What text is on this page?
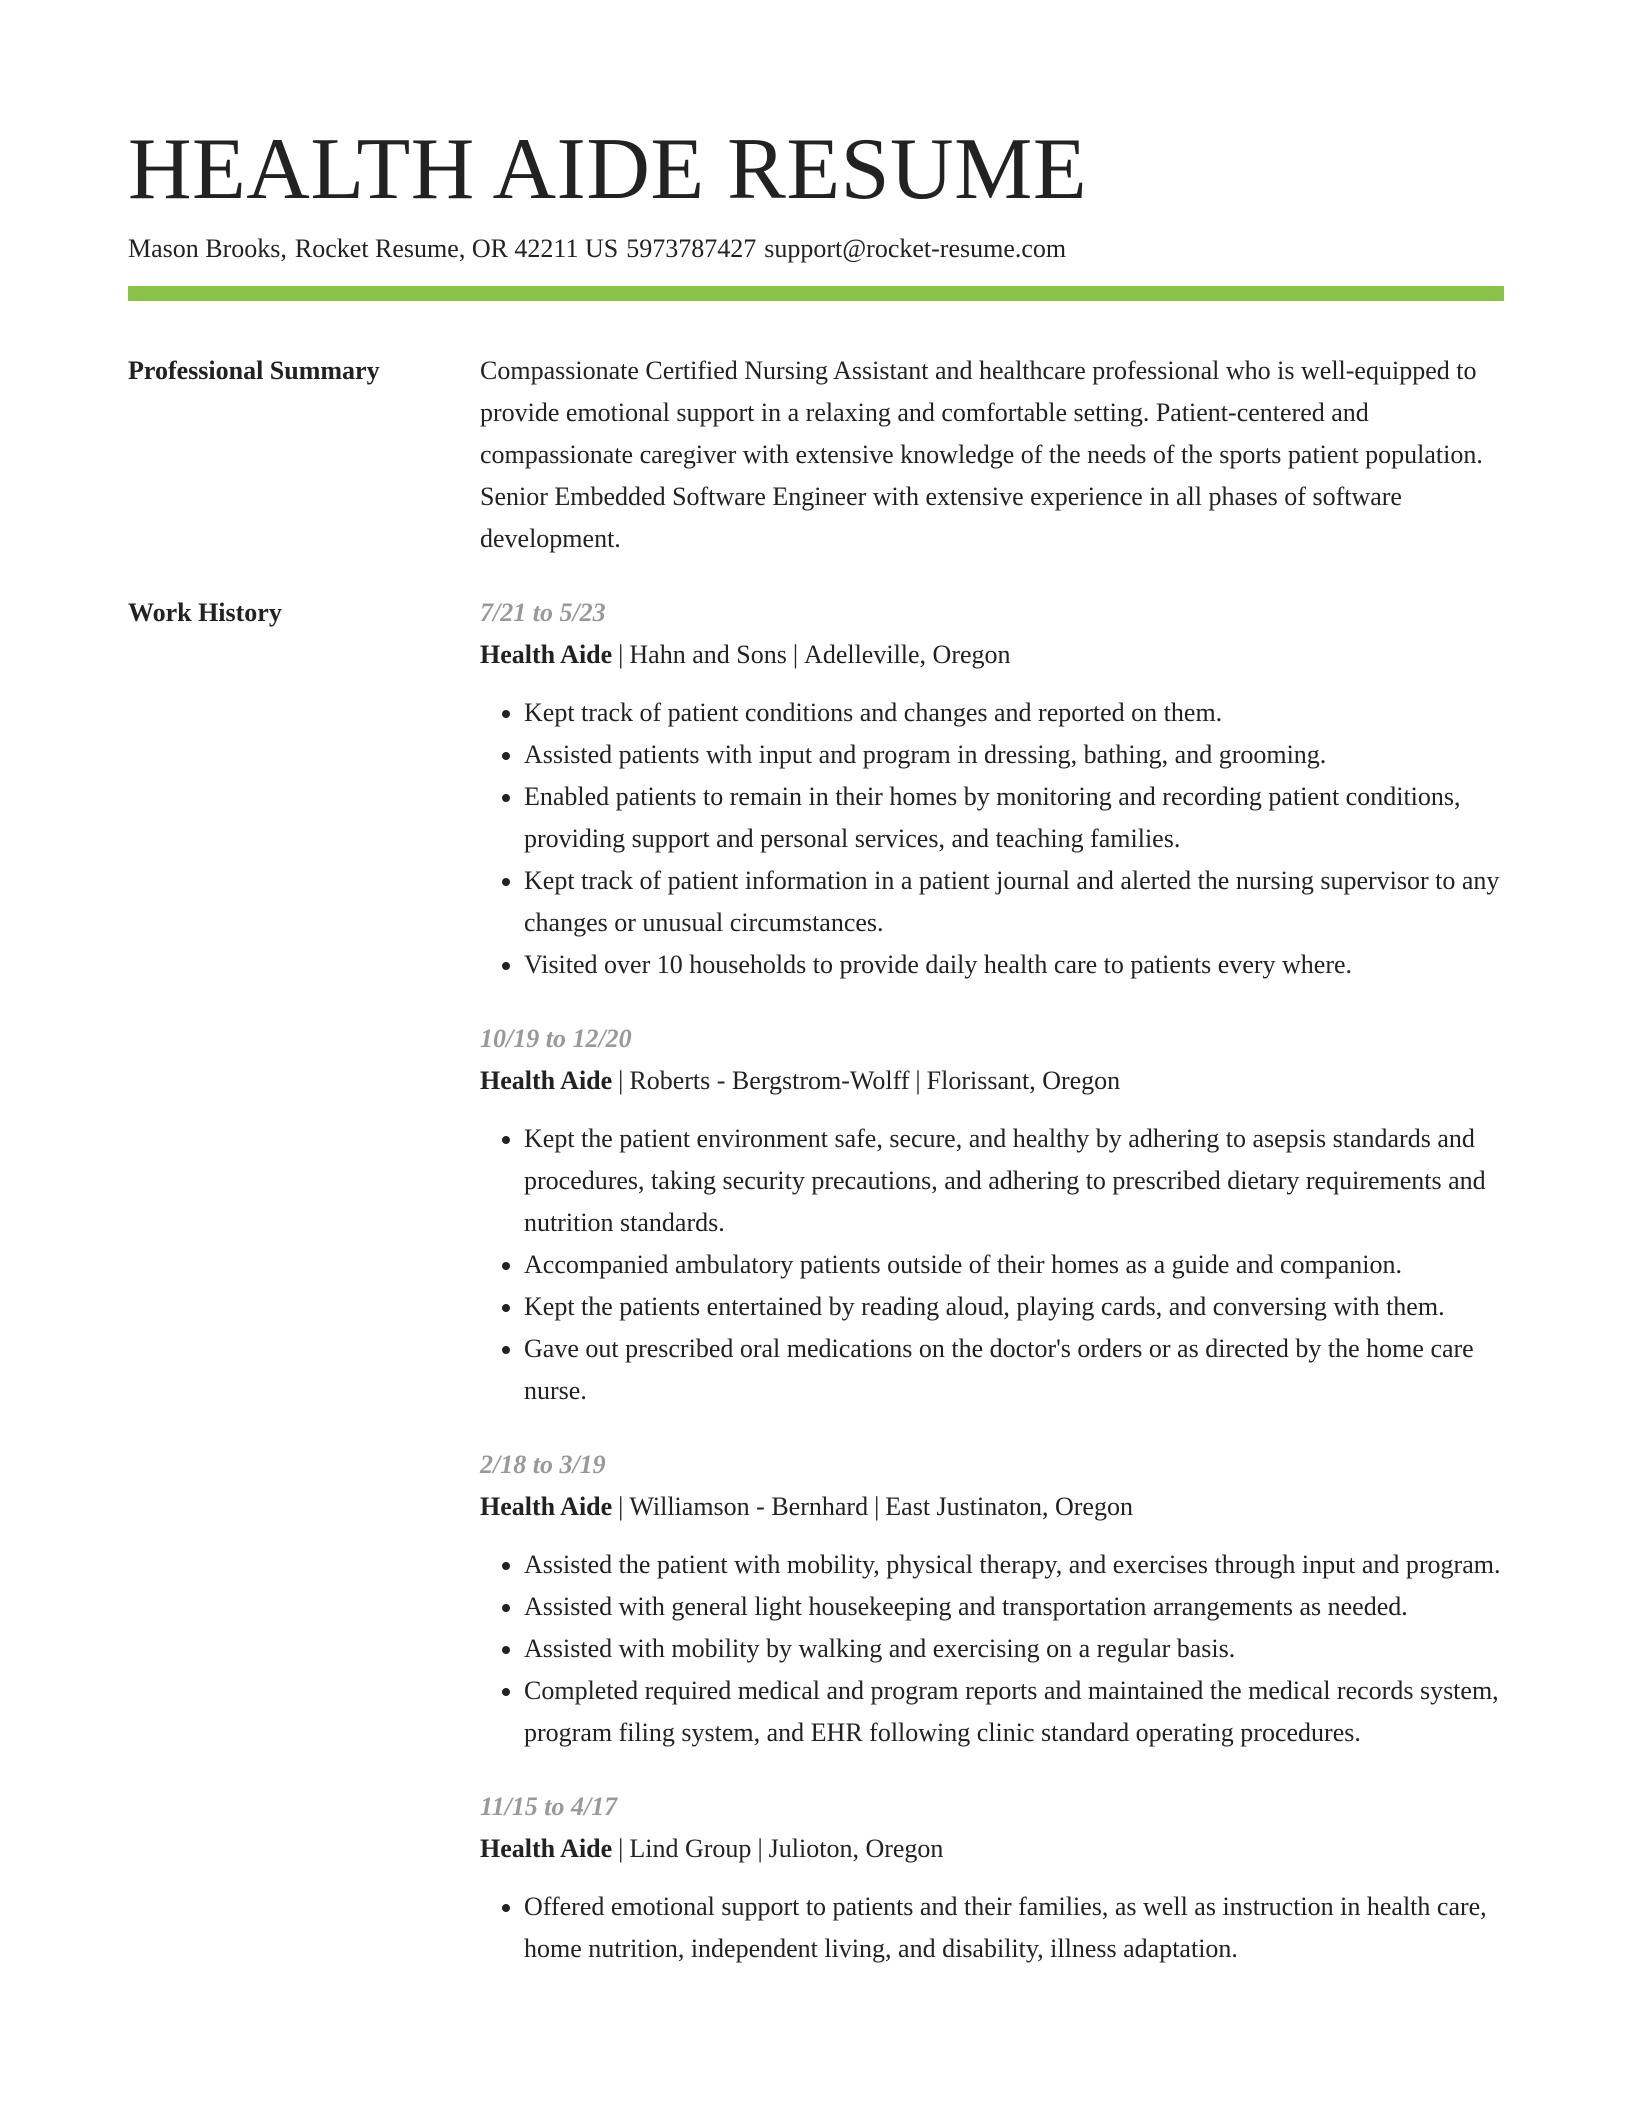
HEALTH AIDE RESUME
Mason Brooks, Rocket Resume, OR 42211 US 5973787427 support@rocket-resume.com
Professional Summary	Compassionate Certified Nursing Assistant and healthcare professional who is well-equipped to provide emotional support in a relaxing and comfortable setting. Patient-centered and compassionate caregiver with extensive knowledge of the needs of the sports patient population. Senior Embedded Software Engineer with extensive experience in all phases of software development.

Work History	7/21 to 5/23
Health Aide | Hahn and Sons | Adelleville, Oregon
• Kept track of patient conditions and changes and reported on them.
• Assisted patients with input and program in dressing, bathing, and grooming.
• Enabled patients to remain in their homes by monitoring and recording patient conditions, providing support and personal services, and teaching families.
• Kept track of patient information in a patient journal and alerted the nursing supervisor to any changes or unusual circumstances.
• Visited over 10 households to provide daily health care to patients every where.
10/19 to 12/20
Health Aide | Roberts - Bergstrom-Wolff | Florissant, Oregon
• Kept the patient environment safe, secure, and healthy by adhering to asepsis standards and procedures, taking security precautions, and adhering to prescribed dietary requirements and nutrition standards.
• Accompanied ambulatory patients outside of their homes as a guide and companion.
• Kept the patients entertained by reading aloud, playing cards, and conversing with them.
• Gave out prescribed oral medications on the doctor's orders or as directed by the home care nurse.
2/18 to 3/19
Health Aide | Williamson - Bernhard | East Justinaton, Oregon
• Assisted the patient with mobility, physical therapy, and exercises through input and program.
• Assisted with general light housekeeping and transportation arrangements as needed.
• Assisted with mobility by walking and exercising on a regular basis.
• Completed required medical and program reports and maintained the medical records system, program filing system, and EHR following clinic standard operating procedures.
11/15 to 4/17
Health Aide | Lind Group | Julioton, Oregon
• Offered emotional support to patients and their families, as well as instruction in health care, home nutrition, independent living, and disability, illness adaptation.
